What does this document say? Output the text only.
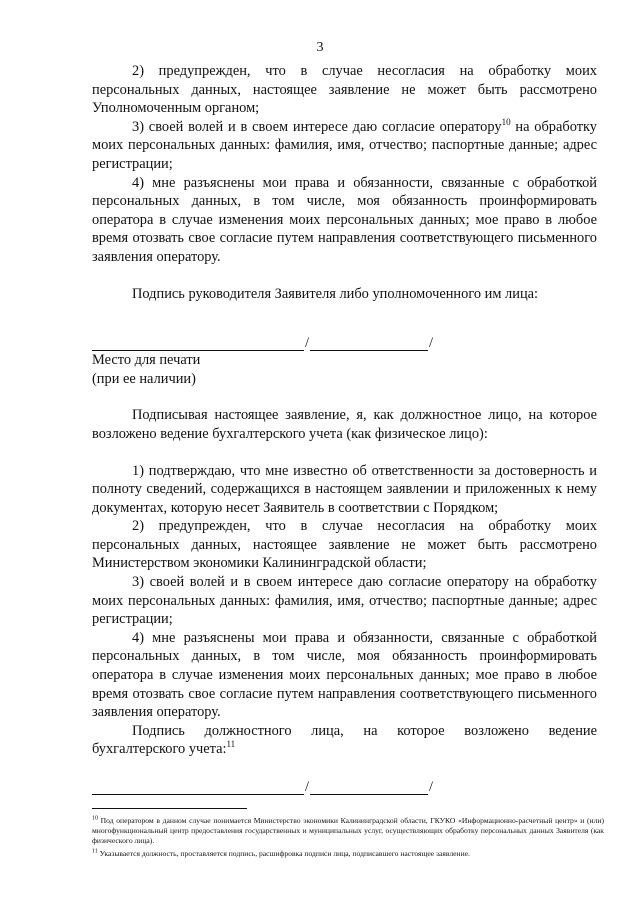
3

2) предупрежден, что в случае несогласия на обработку моих персональных данных, настоящее заявление не может быть рассмотрено Уполномоченным органом;

3) своей волей и в своем интересе даю согласие оператору$^{10}$ на обработку моих персональных данных: фамилия, имя, отчество; паспортные данные; адрес регистрации;

4) мне разъяснены мои права и обязанности, связанные с обработкой персональных данных, в том числе, моя обязанность проинформировать оператора в случае изменения моих персональных данных; мое право в любое время отозвать свое согласие путем направления соответствующего письменного заявления оператору.

Подпись руководителя Заявителя либо уполномоченного им лица:

/	/

Место для печати

(при ее наличии)

Подписывая настоящее заявление, я, как должностное лицо, на которое возложено ведение бухгалтерского учета (как физическое лицо):

1) подтверждаю, что мне известно об ответственности за достоверность и полноту сведений, содержащихся в настоящем заявлении и приложенных к нему документах, которую несет Заявитель в соответствии с Порядком;

2) предупрежден, что в случае несогласия на обработку моих персональных данных, настоящее заявление не может быть рассмотрено Министерством экономики Калининградской области;

3) своей волей и в своем интересе даю согласие оператору на обработку моих персональных данных: фамилия, имя, отчество; паспортные данные; адрес регистрации;

4) мне разъяснены мои права и обязанности, связанные с обработкой персональных данных, в том числе, моя обязанность проинформировать оператора в случае изменения моих персональных данных; мое право в любое время отозвать свое согласие путем направления соответствующего письменного заявления оператору.

Подпись должностного лица, на которое возложено ведение бухгалтерского учета:$^{11}$

/	/

$^{10}$ Под оператором в данном случае понимается Министерство экономики Калининградской области, ГКУКО «Информационно-расчетный центр» и (или) многофункциональный центр предоставления государственных и муниципальных услуг, осуществляющих обработку персональных данных Заявителя (как физического лица).

$^{11}$ Указывается должность, проставляется подпись, расшифровка подписи лица, подписавшего настоящее заявление.
